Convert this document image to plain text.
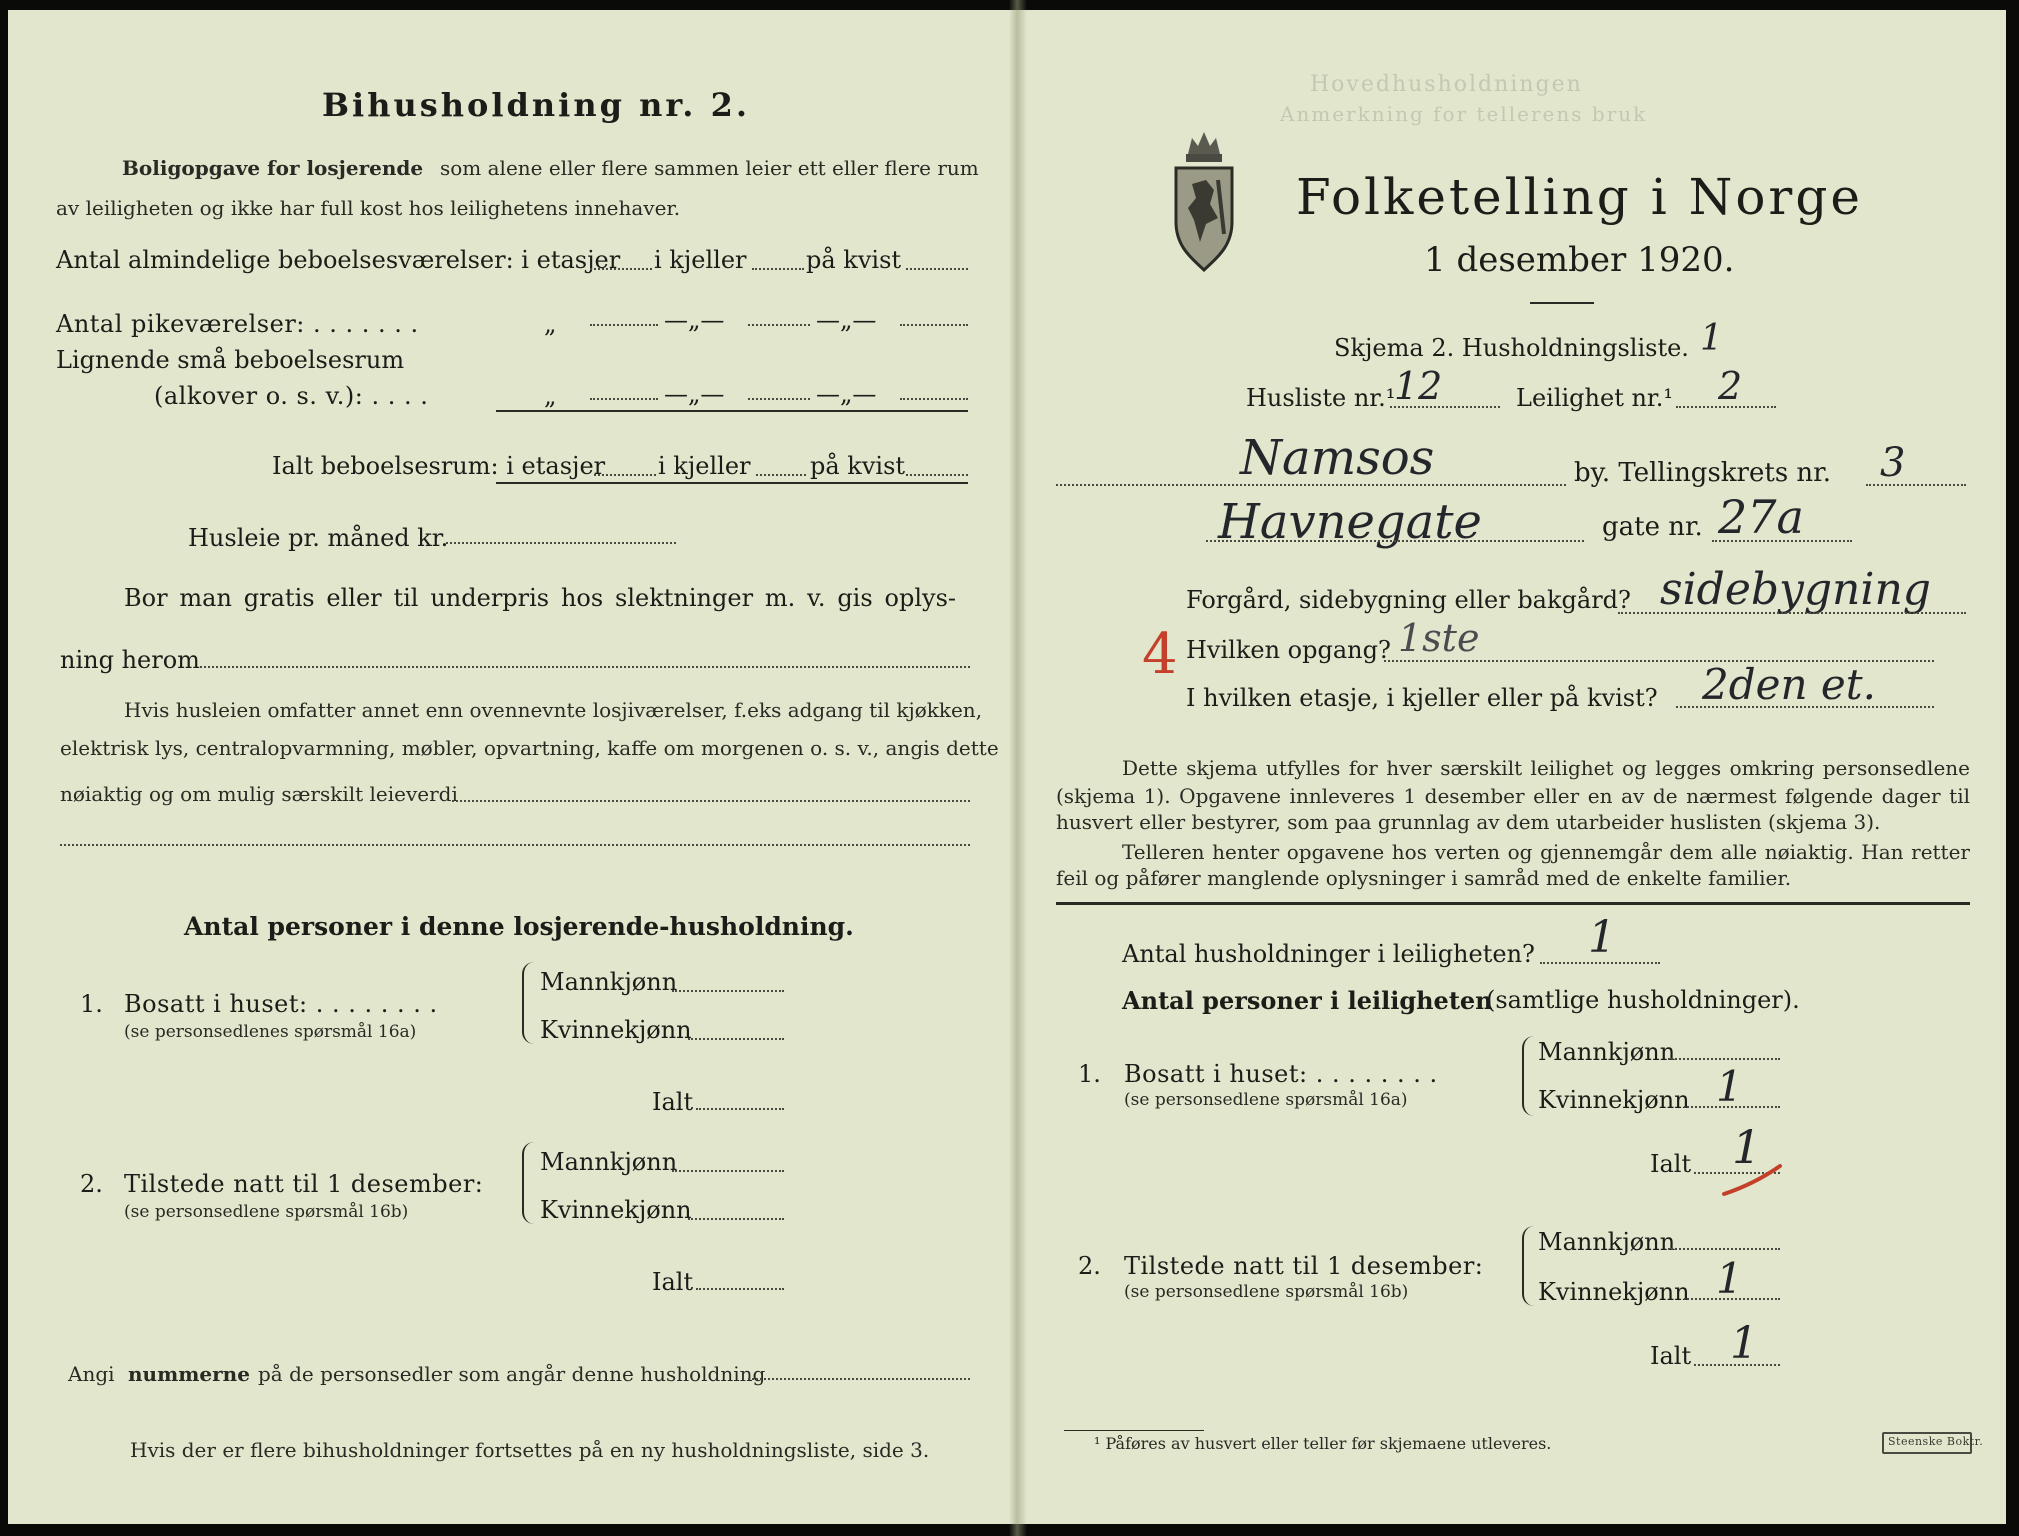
Bihusholdning nr. 2.
Boligopgave for losjerende som alene eller flere sammen leier ett eller flere rum
av leiligheten og ikke har full kost hos leilighetens innehaver.
Antal almindelige beboelsesværelser: i etasjer i kjeller på kvist
Antal pikeværelser: . . . . . . .	„	—„—	—„—
Lignende små beboelsesrum
(alkover o. s. v.): . . . .	„	—„—	—„—
Ialt beboelsesrum: i etasjer i kjeller på kvist
Husleie pr. måned kr.
Bor man gratis eller til underpris hos slektninger m. v. gis oplys-
ning herom
Hvis husleien omfatter annet enn ovennevnte losjiværelser, f.eks adgang til kjøkken,
elektrisk lys, centralopvarmning, møbler, opvartning, kaffe om morgenen o. s. v., angis dette
nøiaktig og om mulig særskilt leieverdi
Antal personer i denne losjerende-husholdning.
1. Bosatt i huset: . . . . . . . .
(se personsedlenes spørsmål 16a)
Mannkjønn
Kvinnekjønn
Ialt
2. Tilstede natt til 1 desember:
(se personsedlene spørsmål 16b)
Mannkjønn
Kvinnekjønn
Ialt
Angi nummerne på de personsedler som angår denne husholdning
Hvis der er flere bihusholdninger fortsettes på en ny husholdningsliste, side 3.
Hovedhusholdningen
Anmerkning for tellerens bruk
Folketelling i Norge
1 desember 1920.
Skjema 2. Husholdningsliste. 1
Husliste nr.¹
12	Leilighet nr.¹ 2
Namsos	by. Tellingskrets nr. 3
Havnegate	gate nr. 27a
Forgård, sidebygning eller bakgård? sidebygning
4 Hvilken opgang? 1ste
I hvilken etasje, i kjeller eller på kvist? 2den et.
Dette skjema utfylles for hver særskilt leilighet og legges omkring personsedlene
(skjema 1). Opgavene innleveres 1 desember eller en av de nærmest følgende dager til
husvert eller bestyrer, som paa grunnlag av dem utarbeider huslisten (skjema 3).
Telleren henter opgavene hos verten og gjennemgår dem alle nøiaktig. Han retter
feil og påfører manglende oplysninger i samråd med de enkelte familier.
Antal husholdninger i leiligheten? 1
Antal personer i leiligheten
(samtlige husholdninger).
1. Bosatt i huset: . . . . . . . .
(se personsedlene spørsmål 16a)
Mannkjønn
Kvinnekjønn 1
Ialt 1
2. Tilstede natt til 1 desember:
(se personsedlene spørsmål 16b)
Mannkjønn
Kvinnekjønn 1
Ialt 1
¹ Påføres av husvert eller teller før skjemaene utleveres.	Steenske Boktr.
